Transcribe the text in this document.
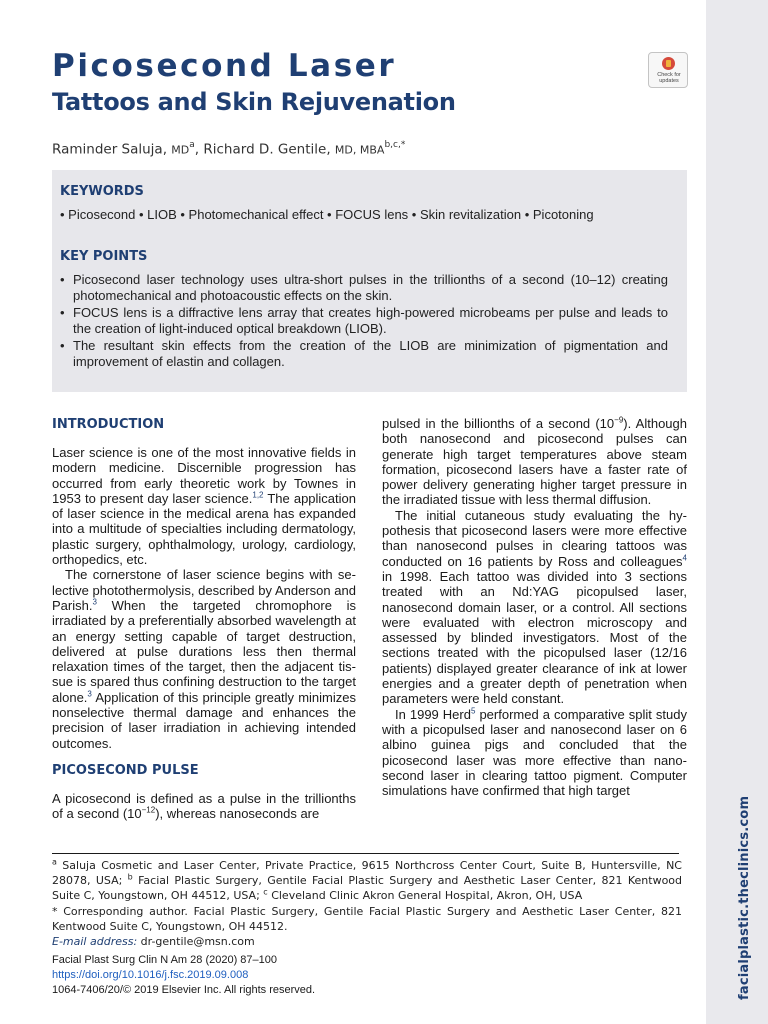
facialplastic.theclinics.com
Picosecond Laser
Tattoos and Skin Rejuvenation
Check for
updates
Raminder Saluja, $MD^a$, Richard D. Gentile, MD, $MBA^{b,c,*}$
KEYWORDS
• Picosecond • LIOB • Photomechanical effect • FOCUS lens • Skin revitalization • Picotoning
KEY POINTS
• Picosecond laser technology uses ultra-short pulses in the trillionths of a second (10–12) creating photomechanical and photoacoustic effects on the skin.
• FOCUS lens is a diffractive lens array that creates high-powered microbeams per pulse and leads to the creation of light-induced optical breakdown (LIOB).
• The resultant skin effects from the creation of the LIOB are minimization of pigmentation and improvement of elastin and collagen.
INTRODUCTION

Laser science is one of the most innovative fields in modern medicine. Discernible progression has occurred from early theoretic work by Townes in 1953 to present day laser science.$^{1,2}$ The application of laser science in the medical arena has expanded into a multitude of specialties including dermatology, plastic surgery, ophthalmology, urology, cardiology, orthopedics, etc.

The cornerstone of laser science begins with selective photothermolysis, described by Anderson and Parish.$^3$ When the targeted chromophore is irradiated by a preferentially absorbed wavelength at an energy setting capable of target destruction, delivered at pulse durations less then thermal relaxation times of the target, then the adjacent tissue is spared thus confining destruction to the target alone.$^3$ Application of this principle greatly minimizes nonselective thermal damage and enhances the precision of laser irradiation in achieving intended outcomes.

PICOSECOND PULSE

A picosecond is defined as a pulse in the trillionths of a second $(10^{-12})$, whereas nanoseconds are

pulsed in the billionths of a second $(10^{-9})$. Although both nanosecond and picosecond pulses can generate high target temperatures above steam formation, picosecond lasers have a faster rate of power delivery generating higher target pressure in the irradiated tissue with less thermal diffusion.

The initial cutaneous study evaluating the hypothesis that picosecond lasers were more effective than nanosecond pulses in clearing tattoos was conducted on 16 patients by Ross and colleagues$^4$ in 1998. Each tattoo was divided into 3 sections treated with an Nd:YAG picopulsed laser, nanosecond domain laser, or a control. All sections were evaluated with electron microscopy and assessed by blinded investigators. Most of the sections treated with the picopulsed laser (12/16 patients) displayed greater clearance of ink at lower energies and a greater depth of penetration when parameters were held constant.

In 1999 Herd$^5$ performed a comparative split study with a picopulsed laser and nanosecond laser on 6 albino guinea pigs and concluded that the picosecond laser was more effective than nanosecond laser in clearing tattoo pigment. Computer simulations have confirmed that high target

$^a$ Saluja Cosmetic and Laser Center, Private Practice, 9615 Northcross Center Court, Suite B, Huntersville, NC 28078, USA; $^b$ Facial Plastic Surgery, Gentile Facial Plastic Surgery and Aesthetic Laser Center, 821 Kentwood Suite C, Youngstown, OH 44512, USA; $^c$ Cleveland Clinic Akron General Hospital, Akron, OH, USA

* Corresponding author. Facial Plastic Surgery, Gentile Facial Plastic Surgery and Aesthetic Laser Center, 821 Kentwood Suite C, Youngstown, OH 44512.

E-mail address: dr-gentile@msn.com

Facial Plast Surg Clin N Am 28 (2020) 87–100
https://doi.org/10.1016/j.fsc.2019.09.008
1064-7406/20/© 2019 Elsevier Inc. All rights reserved.
